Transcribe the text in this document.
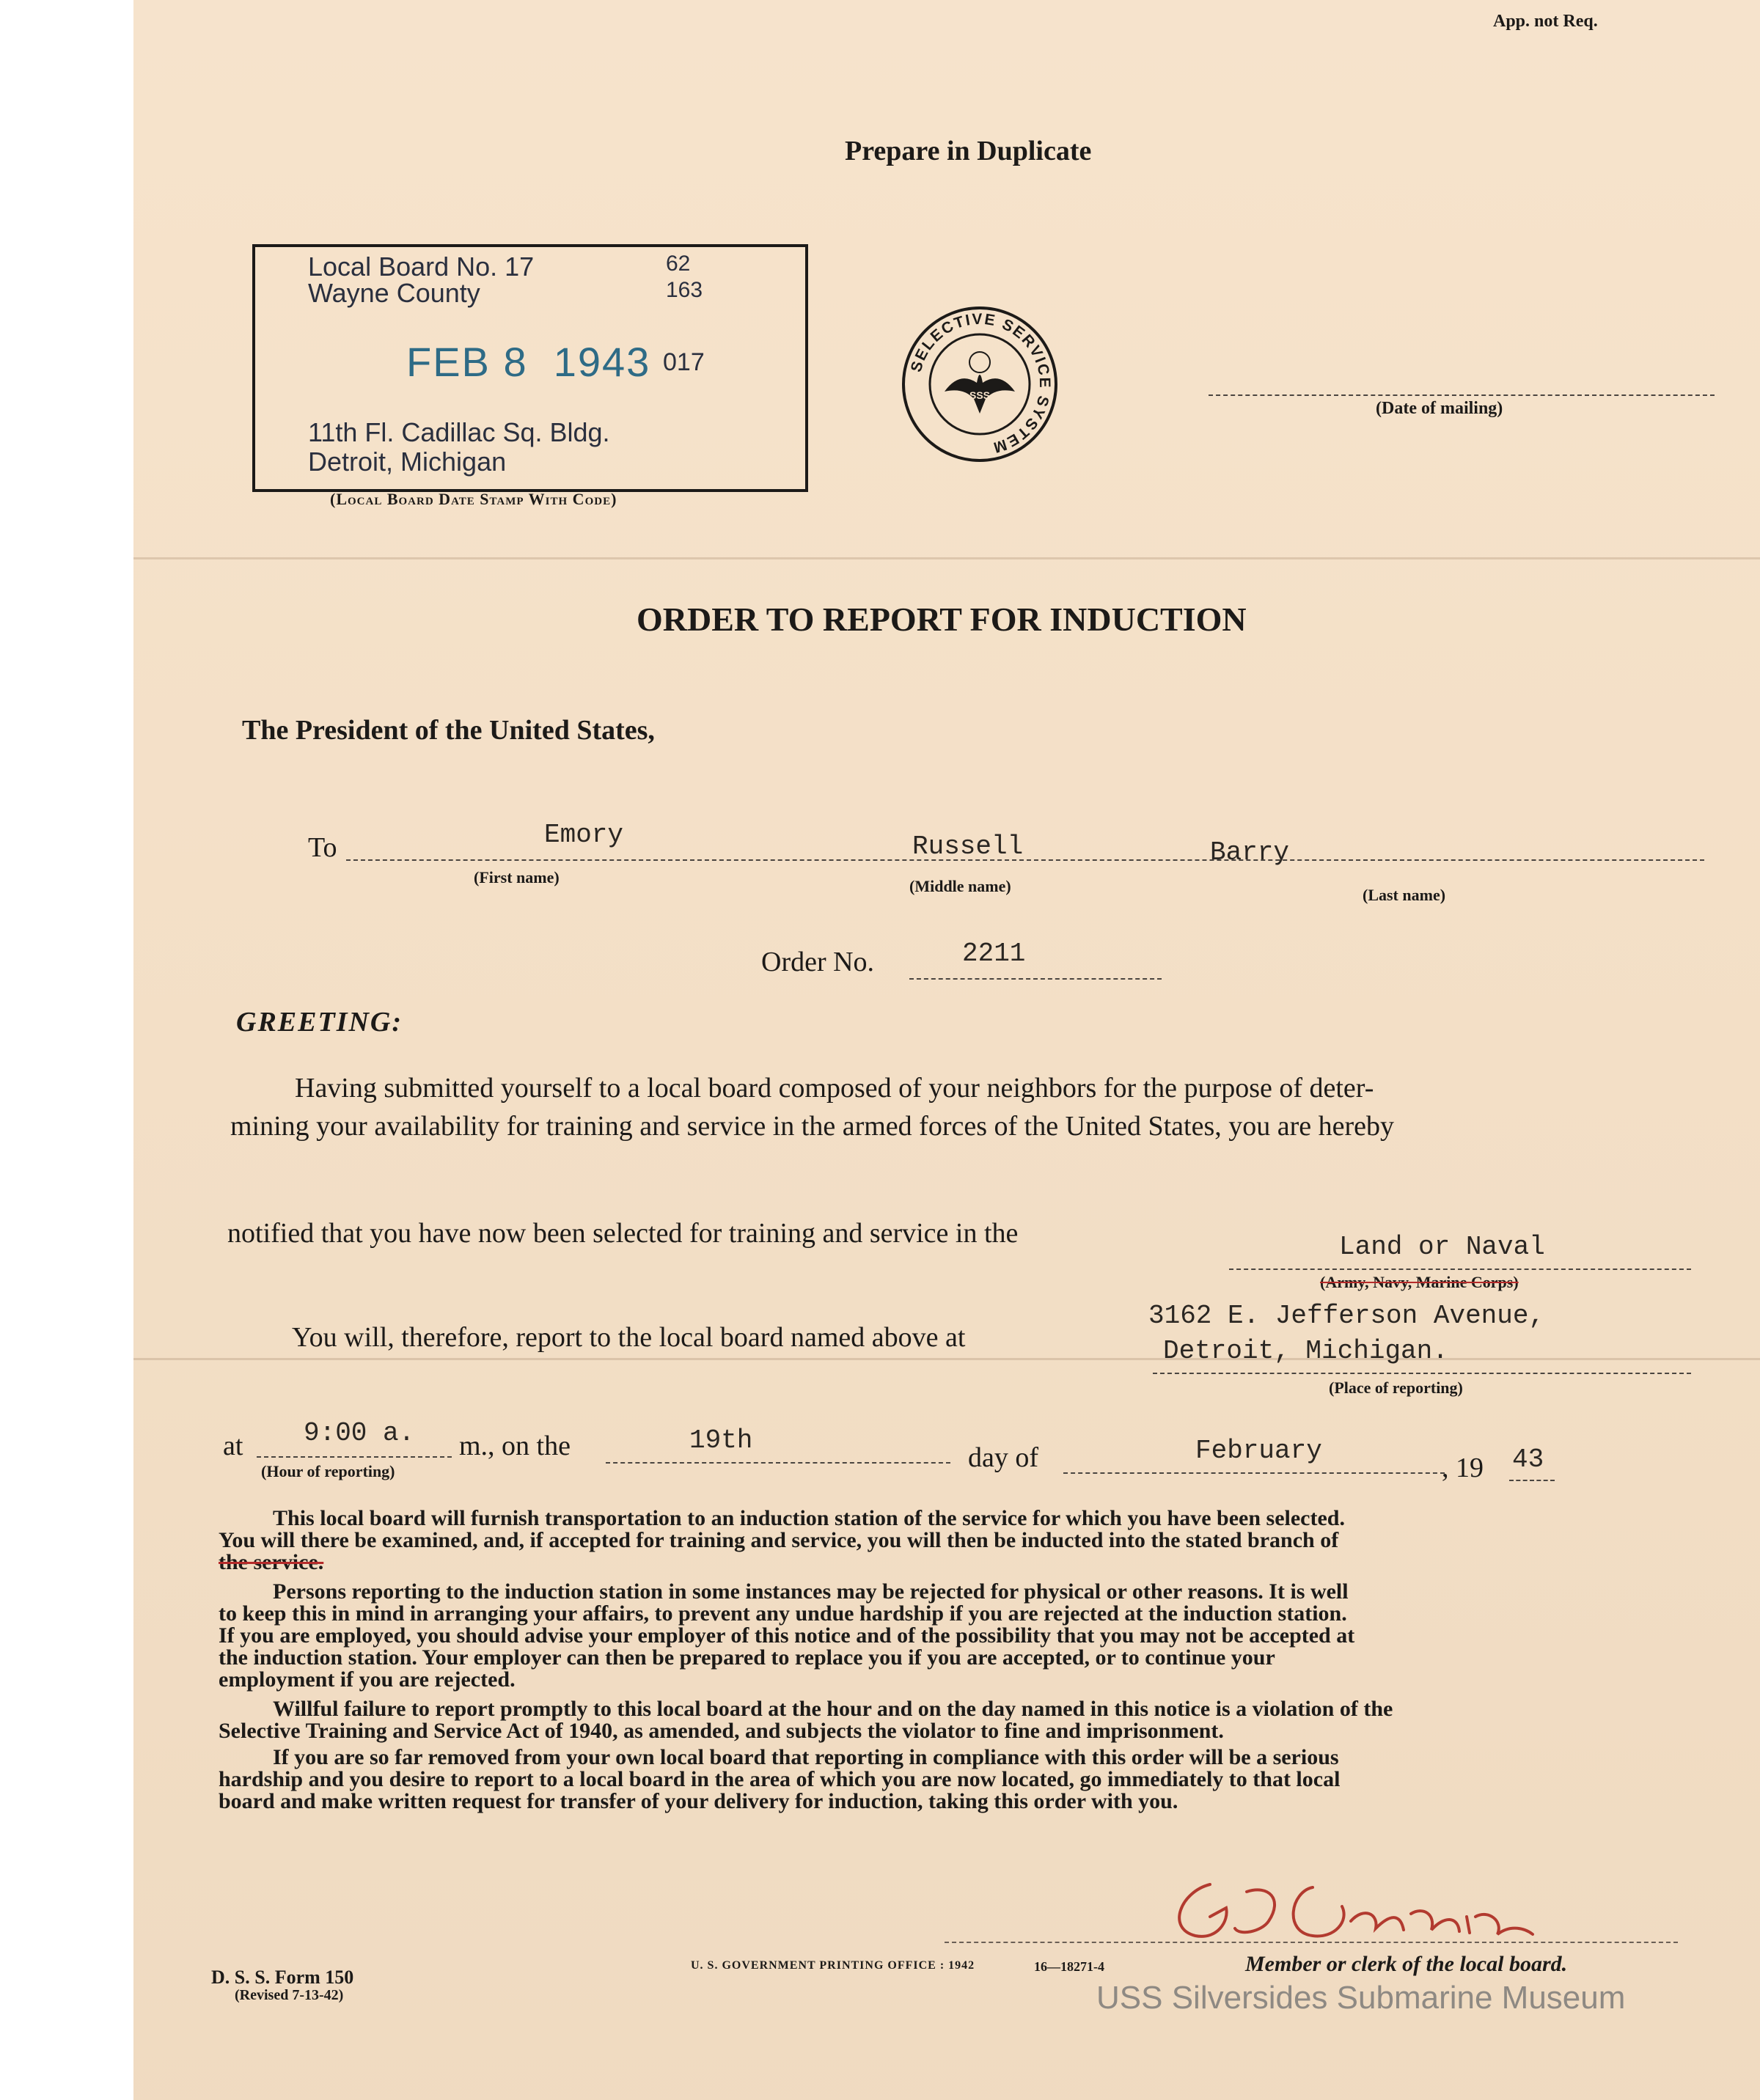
App. not Req.
Prepare in Duplicate
Local Board No. 17	62
Wayne County	163
FEB 8  1943 017
11th Fl. Cadillac Sq. Bldg.
Detroit, Michigan
(Local Board Date Stamp With Code)
SELECTIVE SERVICE SYSTEM
SSS
(Date of mailing)
ORDER TO REPORT FOR INDUCTION
The President of the United States,
To	Emory	Russell	Barry
(First name)	(Middle name)	(Last name)
Order No.	2211
GREETING:
Having submitted yourself to a local board composed of your neighbors for the purpose of deter-
mining your availability for training and service in the armed forces of the United States, you are hereby
notified that you have now been selected for training and service in the	Land or Naval
(Army, Navy, Marine Corps)
You will, therefore, report to the local board named above at
3162 E. Jefferson Avenue,
Detroit, Michigan.
(Place of reporting)
at 9:00 a.
(Hour of reporting)
m., on the	19th
day of	February
, 19 43
This local board will furnish transportation to an induction station of the service for which you have been selected.
You will there be examined, and, if accepted for training and service, you will then be inducted into the stated branch of
the service.
Persons reporting to the induction station in some instances may be rejected for physical or other reasons. It is well
to keep this in mind in arranging your affairs, to prevent any undue hardship if you are rejected at the induction station.
If you are employed, you should advise your employer of this notice and of the possibility that you may not be accepted at
the induction station. Your employer can then be prepared to replace you if you are accepted, or to continue your
employment if you are rejected.
Willful failure to report promptly to this local board at the hour and on the day named in this notice is a violation of the
Selective Training and Service Act of 1940, as amended, and subjects the violator to fine and imprisonment.
If you are so far removed from your own local board that reporting in compliance with this order will be a serious
hardship and you desire to report to a local board in the area of which you are now located, go immediately to that local
board and make written request for transfer of your delivery for induction, taking this order with you.
Member or clerk of the local board.
D. S. S. Form 150
(Revised 7-13-42)
U. S. GOVERNMENT PRINTING OFFICE : 1942	16—18271-4
USS Silversides Submarine Museum
